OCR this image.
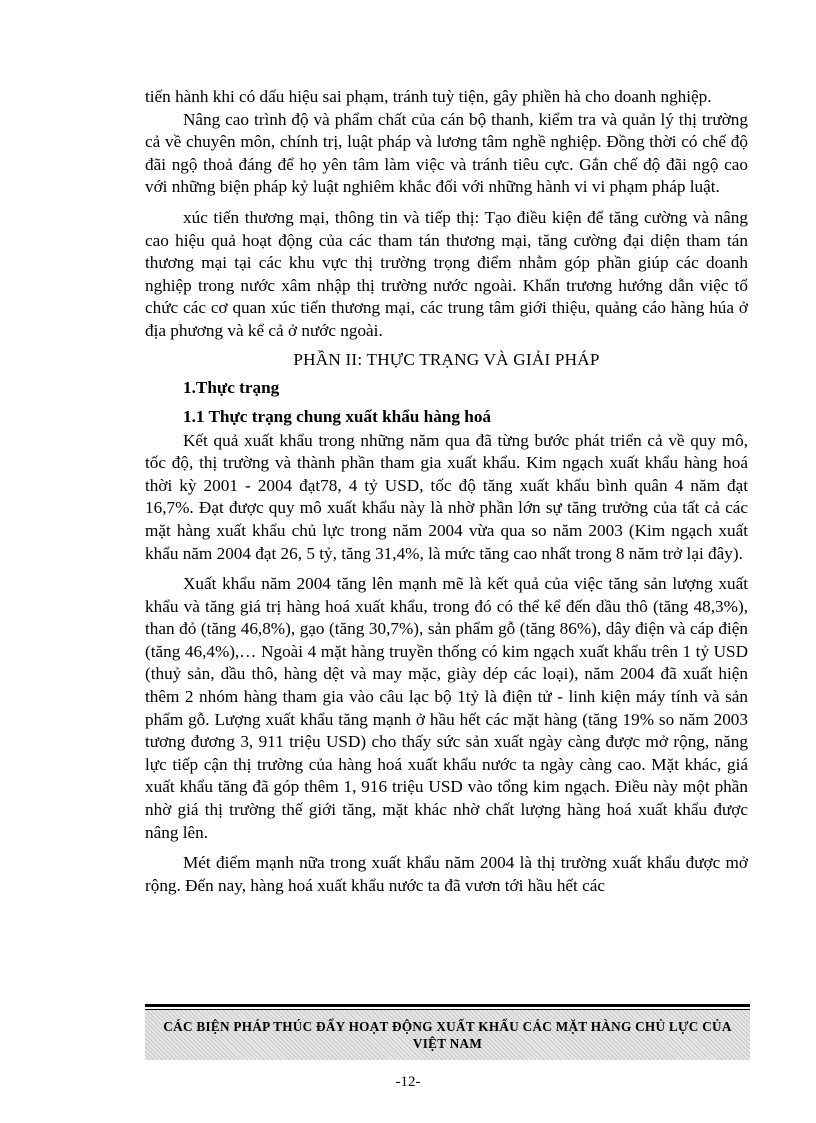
tiến hành khi có dấu hiệu sai phạm, tránh tuỳ tiện, gây phiền hà cho doanh nghiệp.

Nâng cao trình độ và phẩm chất của cán bộ thanh, kiểm tra và quản lý thị trường cả về chuyên môn, chính trị, luật pháp và lương tâm nghề nghiệp. Đồng thời có chế độ đãi ngộ thoả đáng để họ yên tâm làm việc và tránh tiêu cực. Gắn chế độ đãi ngộ cao với những biện pháp kỷ luật nghiêm khắc đối với những hành vi vi phạm pháp luật.

xúc tiến thương mại, thông tin và tiếp thị: Tạo điều kiện để tăng cường và nâng cao hiệu quả hoạt động của các tham tán thương mại, tăng cường đại diện tham tán thương mại tại các khu vực thị trường trọng điểm nhằm góp phần giúp các doanh nghiệp trong nước xâm nhập thị trường nước ngoài. Khẩn trương hướng dẫn việc tổ chức các cơ quan xúc tiến thương mại, các trung tâm giới thiệu, quảng cáo hàng húa ở địa phương và kể cả ở nước ngoài.

PHẦN II: THỰC TRẠNG VÀ GIẢI PHÁP

1.Thực trạng

1.1 Thực trạng chung xuất khẩu hàng hoá

Kết quả xuất khẩu trong những năm qua đã từng bước phát triển cả về quy mô, tốc độ, thị trường và thành phần tham gia xuất khẩu. Kim ngạch xuất khẩu hàng hoá thời kỳ 2001 - 2004 đạt78, 4 tỷ USD, tốc độ tăng xuất khẩu bình quân 4 năm đạt 16,7%. Đạt được quy mô xuất khẩu này là nhờ phần lớn sự tăng trưởng của tất cả các mặt hàng xuất khẩu chủ lực trong năm 2004 vừa qua so năm 2003 (Kim ngạch xuất khẩu năm 2004 đạt 26, 5 tỷ, tăng 31,4%, là mức tăng cao nhất trong 8 năm trở lại đây).

Xuất khẩu năm 2004 tăng lên mạnh mẽ là kết quả của việc tăng sản lượng xuất khẩu và tăng giá trị hàng hoá xuất khẩu, trong đó có thể kể đến dầu thô (tăng 48,3%), than đỏ (tăng 46,8%), gạo (tăng 30,7%), sản phẩm gỗ (tăng 86%), dây điện và cáp điện (tăng 46,4%),… Ngoài 4 mặt hàng truyền thống có kim ngạch xuất khẩu trên 1 tỷ USD (thuỷ sản, dầu thô, hàng dệt và may mặc, giày dép các loại), năm 2004 đã xuất hiện thêm 2 nhóm hàng tham gia vào câu lạc bộ 1tỷ là điện tử - linh kiện máy tính và sản phẩm gỗ. Lượng xuất khẩu tăng mạnh ở hầu hết các mặt hàng (tăng 19% so năm 2003 tương đương 3, 911 triệu USD) cho thấy sức sản xuất ngày càng được mở rộng, năng lực tiếp cận thị trường của hàng hoá xuất khẩu nước ta ngày càng cao. Mặt khác, giá xuất khẩu tăng đã góp thêm 1, 916 triệu USD vào tổng kim ngạch. Điều này một phần nhờ giá thị trường thế giới tăng, mặt khác nhờ chất lượng hàng hoá xuất khẩu được nâng lên.

Mét điểm mạnh nữa trong xuất khẩu năm 2004 là thị trường xuất khẩu được mở rộng. Đến nay, hàng hoá xuất khẩu nước ta đã vươn tới hầu hết các

CÁC BIỆN PHÁP THÚC ĐẨY HOẠT ĐỘNG XUẤT KHẨU CÁC MẶT HÀNG CHỦ LỰC CỦA VIỆT NAM
-12-
